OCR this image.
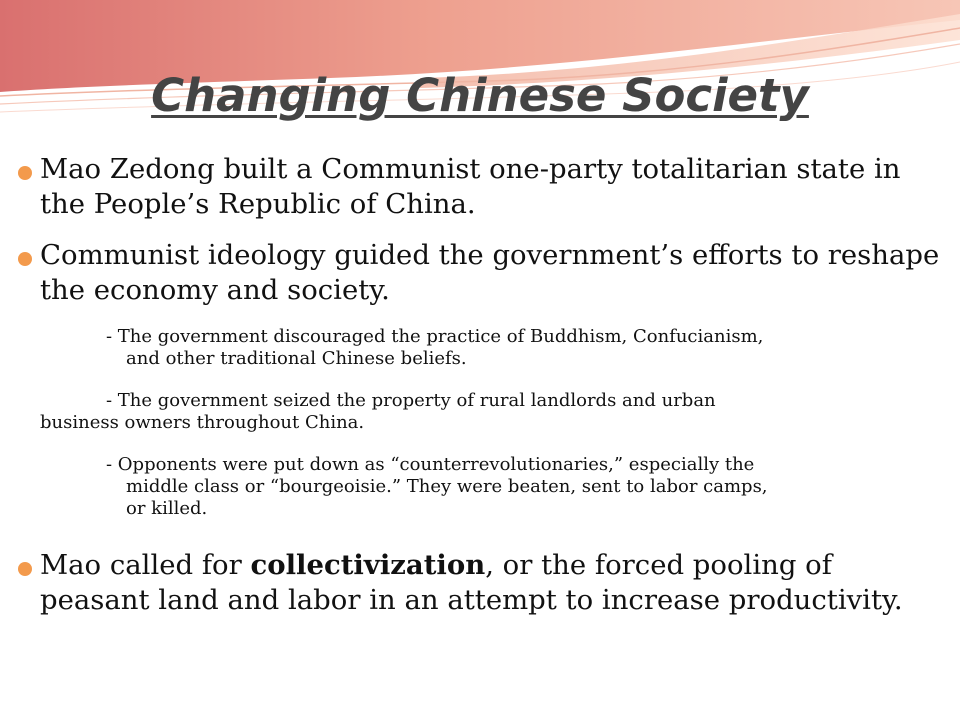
Changing Chinese Society
Mao Zedong built a Communist one-party totalitarian state in the People’s Republic of China.
Communist ideology guided the government’s efforts to reshape the economy and society.
- The government discouraged the practice of Buddhism, Confucianism,
and other traditional Chinese beliefs.
- The government seized the property of rural landlords and urban
business owners throughout China.
- Opponents were put down as “counterrevolutionaries,” especially the
middle class or “bourgeoisie.” They were beaten, sent to labor camps,
or killed.
Mao called for collectivization, or the forced pooling of peasant land and labor in an attempt to increase productivity.
